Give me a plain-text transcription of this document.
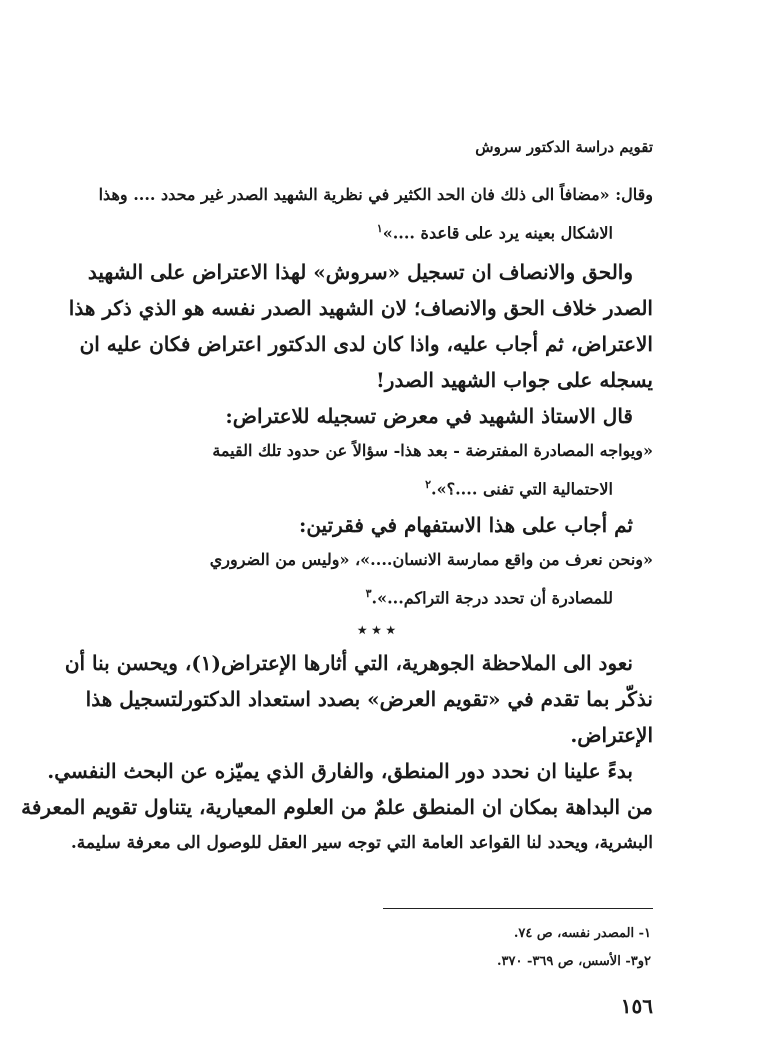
تقويم دراسة الدكتور سروش
وقال: «مضافاً الى ذلك فان الحد الكثير في نظرية الشهيد الصدر غير محدد .... وهذا
الاشكال بعينه يرد على قاعدة ....»$^١$
والحق والانصاف ان تسجيل «سروش» لهذا الاعتراض على الشهيد
الصدر خلاف الحق والانصاف؛ لان الشهيد الصدر نفسه هو الذي ذكر هذا
الاعتراض، ثم أجاب عليه، واذا كان لدى الدكتور اعتراض فكان عليه ان
يسجله على جواب الشهيد الصدر!
قال الاستاذ الشهيد في معرض تسجيله للاعتراض:
«ويواجه المصادرة المفترضة - بعد هذا- سؤالاً عن حدود تلك القيمة
الاحتمالية التي تفنى ....؟».$^٢$
ثم أجاب على هذا الاستفهام في فقرتين:
«ونحن نعرف من واقع ممارسة الانسان....»، «وليس من الضروري
للمصادرة أن تحدد درجة التراكم...».$^٣$
٭ ٭ ٭
نعود الى الملاحظة الجوهرية، التي أثارها الإعتراض(١)، ويحسن بنا أن
نذكّر بما تقدم في «تقويم العرض» بصدد استعداد الدكتورلتسجيل هذا
الإعتراض.
بدءً علينا ان نحدد دور المنطق، والفارق الذي يميّزه عن البحث النفسي.
من البداهة بمكان ان المنطق علمٌ من العلوم المعيارية، يتناول تقويم المعرفة
البشرية، ويحدد لنا القواعد العامة التي توجه سير العقل للوصول الى معرفة سليمة.
١- المصدر نفسه، ص ٧٤.
٢و٣- الأسس، ص ٣٦٩- ٣٧٠.
١٥٦
